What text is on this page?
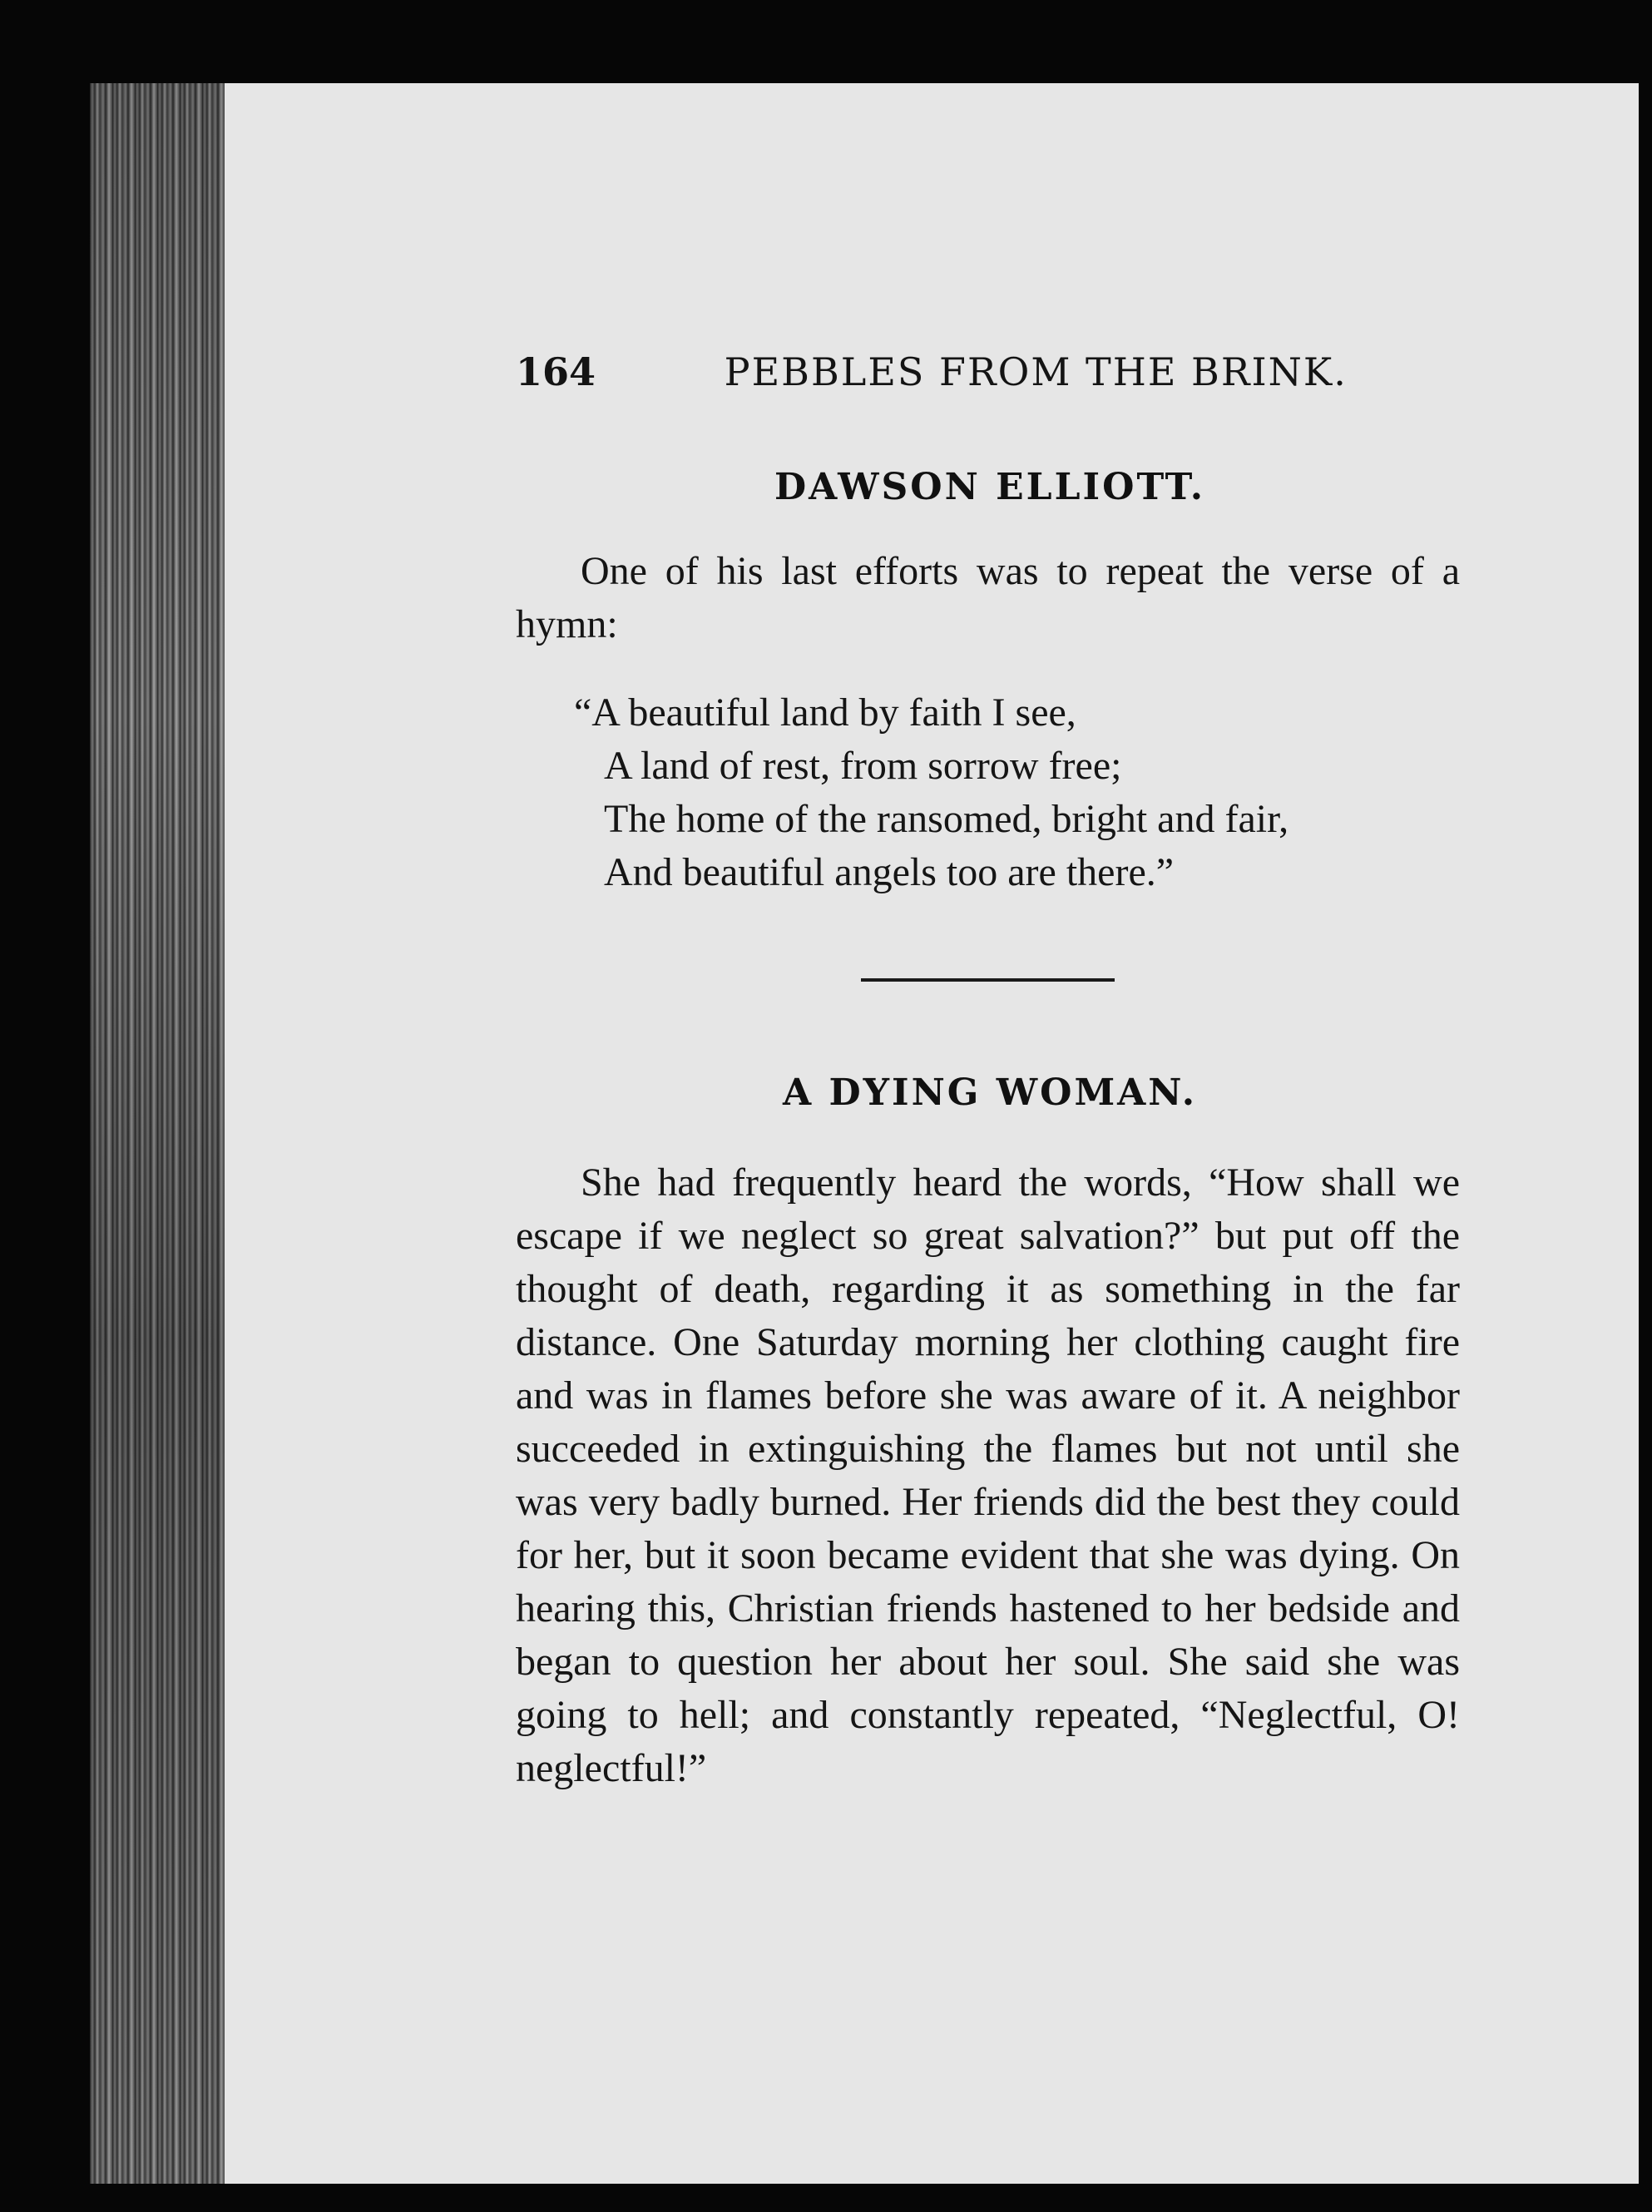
164	PEBBLES FROM THE BRINK.
DAWSON ELLIOTT.

One of his last efforts was to repeat the verse of a hymn:

“A beautiful land by faith I see,
A land of rest, from sorrow free;
The home of the ransomed, bright and fair,
And beautiful angels too are there.”
A DYING WOMAN.

She had frequently heard the words, “How shall we escape if we neglect so great salvation?” but put off the thought of death, regarding it as something in the far distance. One Saturday morning her clothing caught fire and was in flames before she was aware of it. A neighbor succeeded in extinguishing the flames but not until she was very badly burned. Her friends did the best they could for her, but it soon became evident that she was dying. On hearing this, Christian friends hastened to her bedside and began to question her about her soul. She said she was going to hell; and constantly repeated, “Neglectful, O! neglectful!”
